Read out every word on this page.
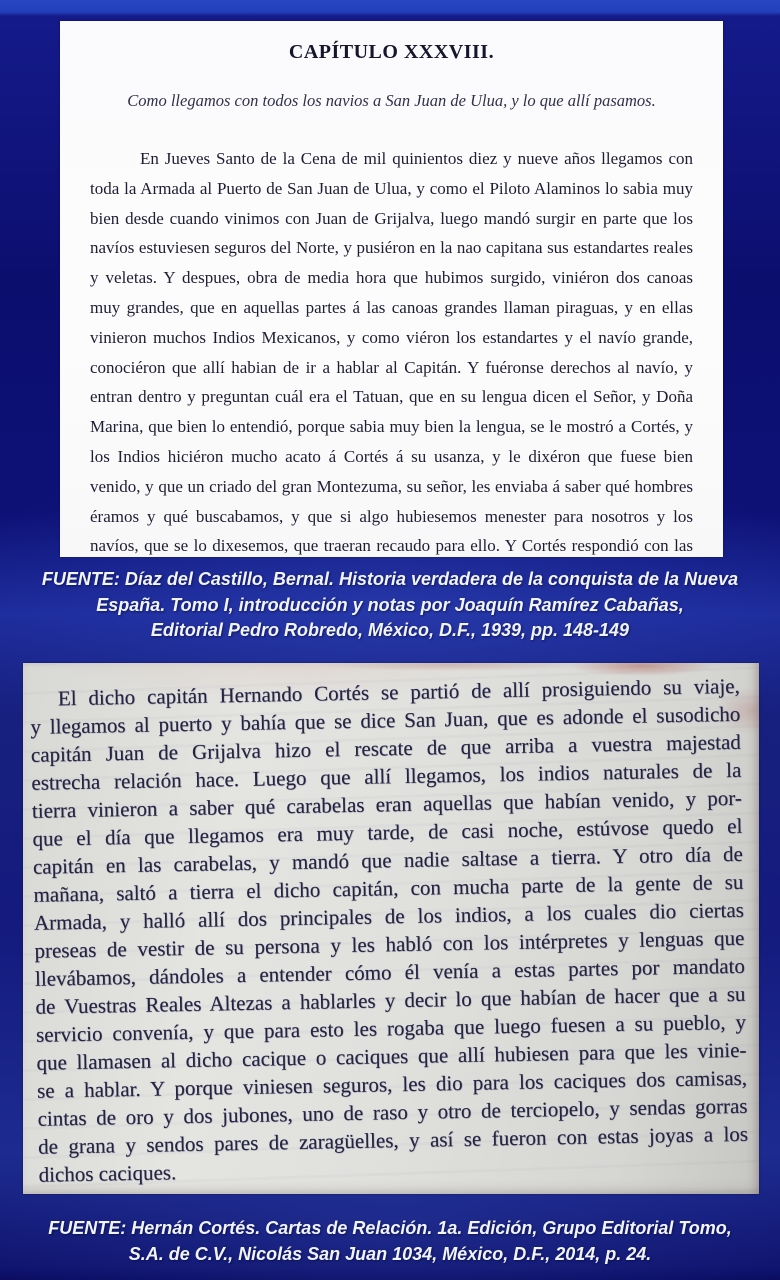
CAPÍTULO XXXVIII.
Como llegamos con todos los navios a San Juan de Ulua, y lo que allí pasamos.
En Jueves Santo de la Cena de mil quinientos diez y nueve años llegamos con
toda la Armada al Puerto de San Juan de Ulua, y como el Piloto Alaminos lo sabia muy
bien desde cuando vinimos con Juan de Grijalva, luego mandó surgir en parte que los
navíos estuviesen seguros del Norte, y pusiéron en la nao capitana sus estandartes reales
y veletas. Y despues, obra de media hora que hubimos surgido, viniéron dos canoas
muy grandes, que en aquellas partes á las canoas grandes llaman piraguas, y en ellas
vinieron muchos Indios Mexicanos, y como viéron los estandartes y el navío grande,
conociéron que allí habian de ir a hablar al Capitán. Y fuéronse derechos al navío, y
entran dentro y preguntan cuál era el Tatuan, que en su lengua dicen el Señor, y Doña
Marina, que bien lo entendió, porque sabia muy bien la lengua, se le mostró a Cortés, y
los Indios hiciéron mucho acato á Cortés á su usanza, y le dixéron que fuese bien
venido, y que un criado del gran Montezuma, su señor, les enviaba á saber qué hombres
éramos y qué buscabamos, y que si algo hubiesemos menester para nosotros y los
navíos, que se lo dixesemos, que traeran recaudo para ello. Y Cortés respondió con las
FUENTE: Díaz del Castillo, Bernal. Historia verdadera de la conquista de la Nueva
España. Tomo I, introducción y notas por Joaquín Ramírez Cabañas,
Editorial Pedro Robredo, México, D.F., 1939, pp. 148-149
El dicho capitán Hernando Cortés se partió de allí prosiguiendo su viaje,
y llegamos al puerto y bahía que se dice San Juan, que es adonde el susodicho
capitán Juan de Grijalva hizo el rescate de que arriba a vuestra majestad
estrecha relación hace. Luego que allí llegamos, los indios naturales de la
tierra vinieron a saber qué carabelas eran aquellas que habían venido, y por-
que el día que llegamos era muy tarde, de casi noche, estúvose quedo el
capitán en las carabelas, y mandó que nadie saltase a tierra. Y otro día de
mañana, saltó a tierra el dicho capitán, con mucha parte de la gente de su
Armada, y halló allí dos principales de los indios, a los cuales dio ciertas
preseas de vestir de su persona y les habló con los intérpretes y lenguas que
llevábamos, dándoles a entender cómo él venía a estas partes por mandato
de Vuestras Reales Altezas a hablarles y decir lo que habían de hacer que a su
servicio convenía, y que para esto les rogaba que luego fuesen a su pueblo, y
que llamasen al dicho cacique o caciques que allí hubiesen para que les vinie-
se a hablar. Y porque viniesen seguros, les dio para los caciques dos camisas,
cintas de oro y dos jubones, uno de raso y otro de terciopelo, y sendas gorras
de grana y sendos pares de zaragüelles, y así se fueron con estas joyas a los
dichos caciques.
FUENTE: Hernán Cortés. Cartas de Relación. 1a. Edición, Grupo Editorial Tomo,
S.A. de C.V., Nicolás San Juan 1034, México, D.F., 2014, p. 24.
